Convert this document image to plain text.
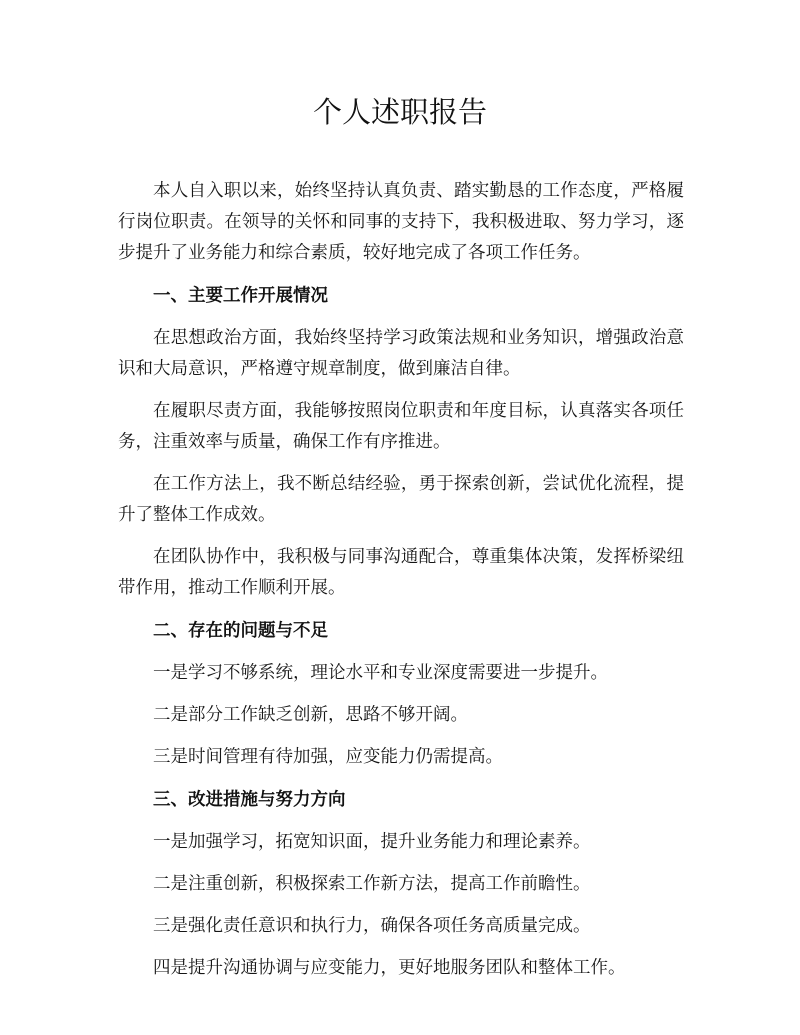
个人述职报告

本人自入职以来，始终坚持认真负责、踏实勤恳的工作态度，严格履行岗位职责。在领导的关怀和同事的支持下，我积极进取、努力学习，逐步提升了业务能力和综合素质，较好地完成了各项工作任务。

一、主要工作开展情况

在思想政治方面，我始终坚持学习政策法规和业务知识，增强政治意识和大局意识，严格遵守规章制度，做到廉洁自律。

在履职尽责方面，我能够按照岗位职责和年度目标，认真落实各项任务，注重效率与质量，确保工作有序推进。

在工作方法上，我不断总结经验，勇于探索创新，尝试优化流程，提升了整体工作成效。

在团队协作中，我积极与同事沟通配合，尊重集体决策，发挥桥梁纽带作用，推动工作顺利开展。

二、存在的问题与不足

一是学习不够系统，理论水平和专业深度需要进一步提升。

二是部分工作缺乏创新，思路不够开阔。

三是时间管理有待加强，应变能力仍需提高。

三、改进措施与努力方向

一是加强学习，拓宽知识面，提升业务能力和理论素养。

二是注重创新，积极探索工作新方法，提高工作前瞻性。

三是强化责任意识和执行力，确保各项任务高质量完成。

四是提升沟通协调与应变能力，更好地服务团队和整体工作。
